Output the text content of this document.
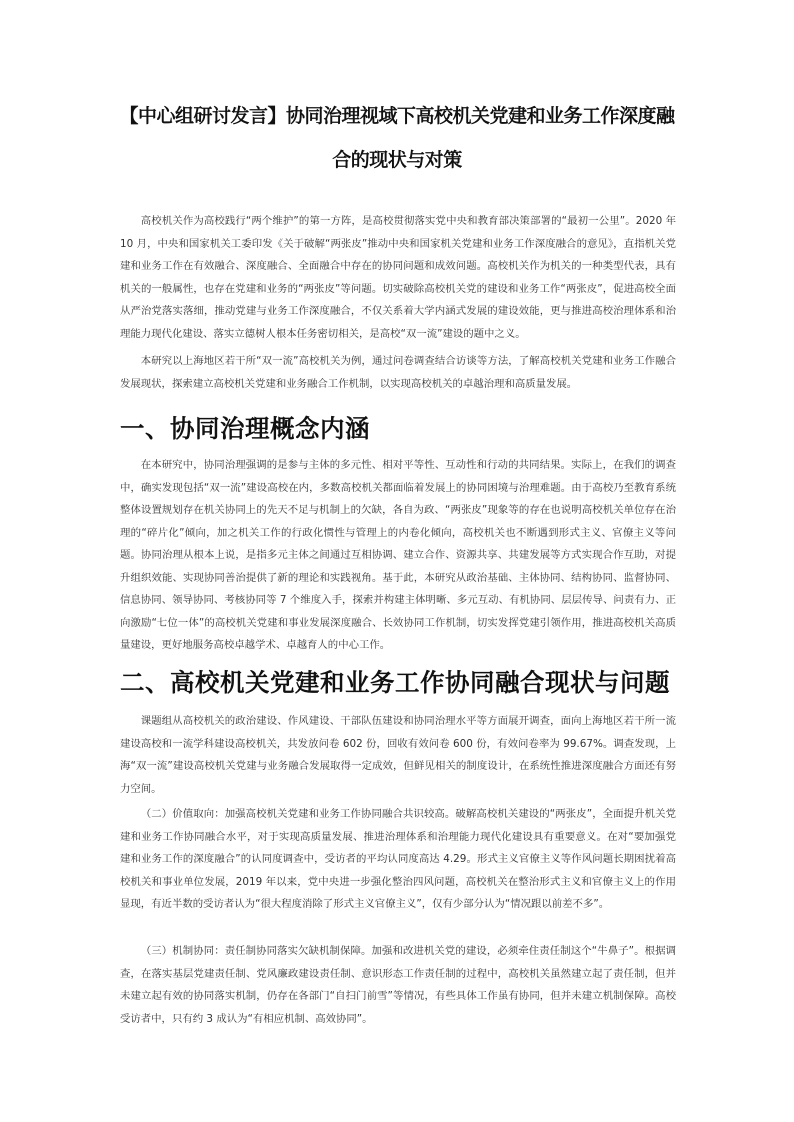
【中心组研讨发言】协同治理视域下高校机关党建和业务工作深度融
合的现状与对策

高校机关作为高校践行“两个维护”的第一方阵，是高校贯彻落实党中央和教育部决策部署的“最初一公里”。2020 年 10 月，中央和国家机关工委印发《关于破解“两张皮”推动中央和国家机关党建和业务工作深度融合的意见》，直指机关党建和业务工作在有效融合、深度融合、全面融合中存在的协同问题和成效问题。高校机关作为机关的一种类型代表，具有机关的一般属性，也存在党建和业务的“两张皮”等问题。切实破除高校机关党的建设和业务工作“两张皮”，促进高校全面从严治党落实落细，推动党建与业务工作深度融合，不仅关系着大学内涵式发展的建设效能，更与推进高校治理体系和治理能力现代化建设、落实立德树人根本任务密切相关，是高校“双一流”建设的题中之义。

本研究以上海地区若干所“双一流”高校机关为例，通过问卷调查结合访谈等方法，了解高校机关党建和业务工作融合发展现状，探索建立高校机关党建和业务融合工作机制，以实现高校机关的卓越治理和高质量发展。

一、协同治理概念内涵

在本研究中，协同治理强调的是参与主体的多元性、相对平等性、互动性和行动的共同结果。实际上，在我们的调查中，确实发现包括“双一流”建设高校在内，多数高校机关都面临着发展上的协同困境与治理难题。由于高校乃至教育系统整体设置规划存在机关协同上的先天不足与机制上的欠缺，各自为政、“两张皮”现象等的存在也说明高校机关单位存在治理的“碎片化”倾向，加之机关工作的行政化惯性与管理上的内卷化倾向，高校机关也不断遇到形式主义、官僚主义等问题。协同治理从根本上说，是指多元主体之间通过互相协调、建立合作、资源共享、共建发展等方式实现合作互助，对提升组织效能、实现协同善治提供了新的理论和实践视角。基于此，本研究从政治基础、主体协同、结构协同、监督协同、信息协同、领导协同、考核协同等 7 个维度入手，探索并构建主体明晰、多元互动、有机协同、层层传导、问责有力、正向激励“七位一体”的高校机关党建和事业发展深度融合、长效协同工作机制，切实发挥党建引领作用，推进高校机关高质量建设，更好地服务高校卓越学术、卓越育人的中心工作。

二、高校机关党建和业务工作协同融合现状与问题

课题组从高校机关的政治建设、作风建设、干部队伍建设和协同治理水平等方面展开调查，面向上海地区若干所一流建设高校和一流学科建设高校机关，共发放问卷 602 份，回收有效问卷 600 份，有效问卷率为 99.67%。调查发现，上海“双一流”建设高校机关党建与业务融合发展取得一定成效，但鲜见相关的制度设计，在系统性推进深度融合方面还有努力空间。

（二）价值取向：加强高校机关党建和业务工作协同融合共识较高。破解高校机关建设的“两张皮”，全面提升机关党建和业务工作协同融合水平，对于实现高质量发展、推进治理体系和治理能力现代化建设具有重要意义。在对“要加强党建和业务工作的深度融合”的认同度调查中，受访者的平均认同度高达 4.29。形式主义官僚主义等作风问题长期困扰着高校机关和事业单位发展，2019 年以来，党中央进一步强化整治四风问题，高校机关在整治形式主义和官僚主义上的作用显现，有近半数的受访者认为“很大程度消除了形式主义官僚主义”，仅有少部分认为“情况跟以前差不多”。

（三）机制协同：责任制协同落实欠缺机制保障。加强和改进机关党的建设，必须牵住责任制这个“牛鼻子”。根据调查，在落实基层党建责任制、党风廉政建设责任制、意识形态工作责任制的过程中，高校机关虽然建立起了责任制，但并未建立起有效的协同落实机制，仍存在各部门“自扫门前雪”等情况，有些具体工作虽有协同，但并未建立机制保障。高校受访者中，只有约 3 成认为“有相应机制、高效协同”。
